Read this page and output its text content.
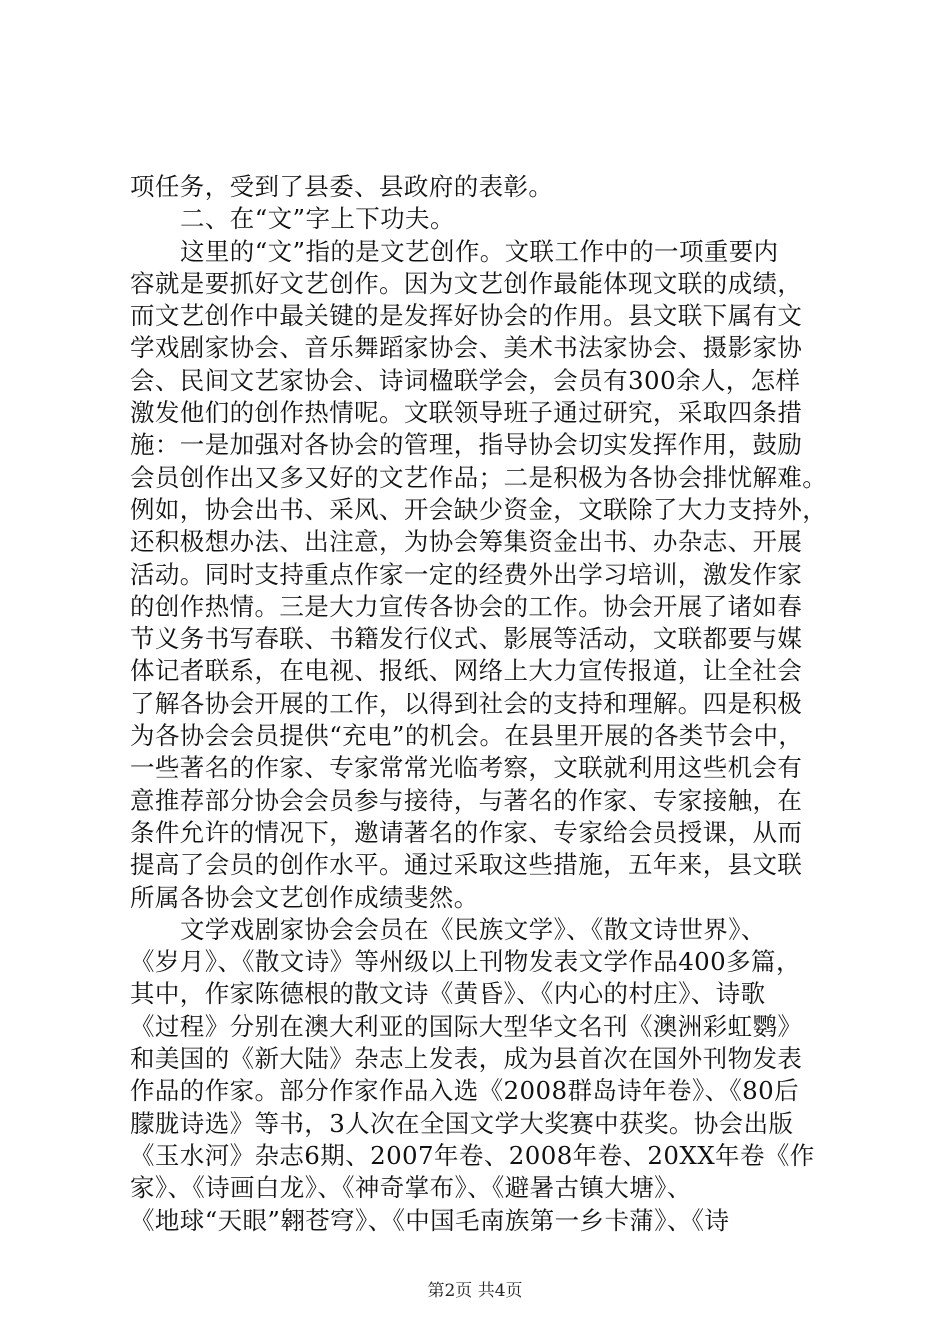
项任务，受到了县委、县政府的表彰。
二、在“文”字上下功夫。
这里的“文”指的是文艺创作。文联工作中的一项重要内
容就是要抓好文艺创作。因为文艺创作最能体现文联的成绩，
而文艺创作中最关键的是发挥好协会的作用。县文联下属有文
学戏剧家协会、音乐舞蹈家协会、美术书法家协会、摄影家协
会、民间文艺家协会、诗词楹联学会，会员有300余人，怎样
激发他们的创作热情呢。文联领导班子通过研究，采取四条措
施：一是加强对各协会的管理，指导协会切实发挥作用，鼓励
会员创作出又多又好的文艺作品；二是积极为各协会排忧解难。
例如，协会出书、采风、开会缺少资金，文联除了大力支持外，
还积极想办法、出注意，为协会筹集资金出书、办杂志、开展
活动。同时支持重点作家一定的经费外出学习培训，激发作家
的创作热情。三是大力宣传各协会的工作。协会开展了诸如春
节义务书写春联、书籍发行仪式、影展等活动，文联都要与媒
体记者联系，在电视、报纸、网络上大力宣传报道，让全社会
了解各协会开展的工作，以得到社会的支持和理解。四是积极
为各协会会员提供“充电”的机会。在县里开展的各类节会中，
一些著名的作家、专家常常光临考察，文联就利用这些机会有
意推荐部分协会会员参与接待，与著名的作家、专家接触，在
条件允许的情况下，邀请著名的作家、专家给会员授课，从而
提高了会员的创作水平。通过采取这些措施，五年来，县文联
所属各协会文艺创作成绩斐然。
文学戏剧家协会会员在《民族文学》、《散文诗世界》、
《岁月》、《散文诗》等州级以上刊物发表文学作品400多篇，
其中，作家陈德根的散文诗《黄昏》、《内心的村庄》、诗歌
《过程》分别在澳大利亚的国际大型华文名刊《澳洲彩虹鹦》
和美国的《新大陆》杂志上发表，成为县首次在国外刊物发表
作品的作家。部分作家作品入选《2008群岛诗年卷》、《80后
朦胧诗选》等书，3人次在全国文学大奖赛中获奖。协会出版
《玉水河》杂志6期、2007年卷、2008年卷、20XX年卷《作
家》、《诗画白龙》、《神奇掌布》、《避暑古镇大塘》、
《地球“天眼”翱苍穹》、《中国毛南族第一乡卡蒲》、《诗
第2页 共4页
